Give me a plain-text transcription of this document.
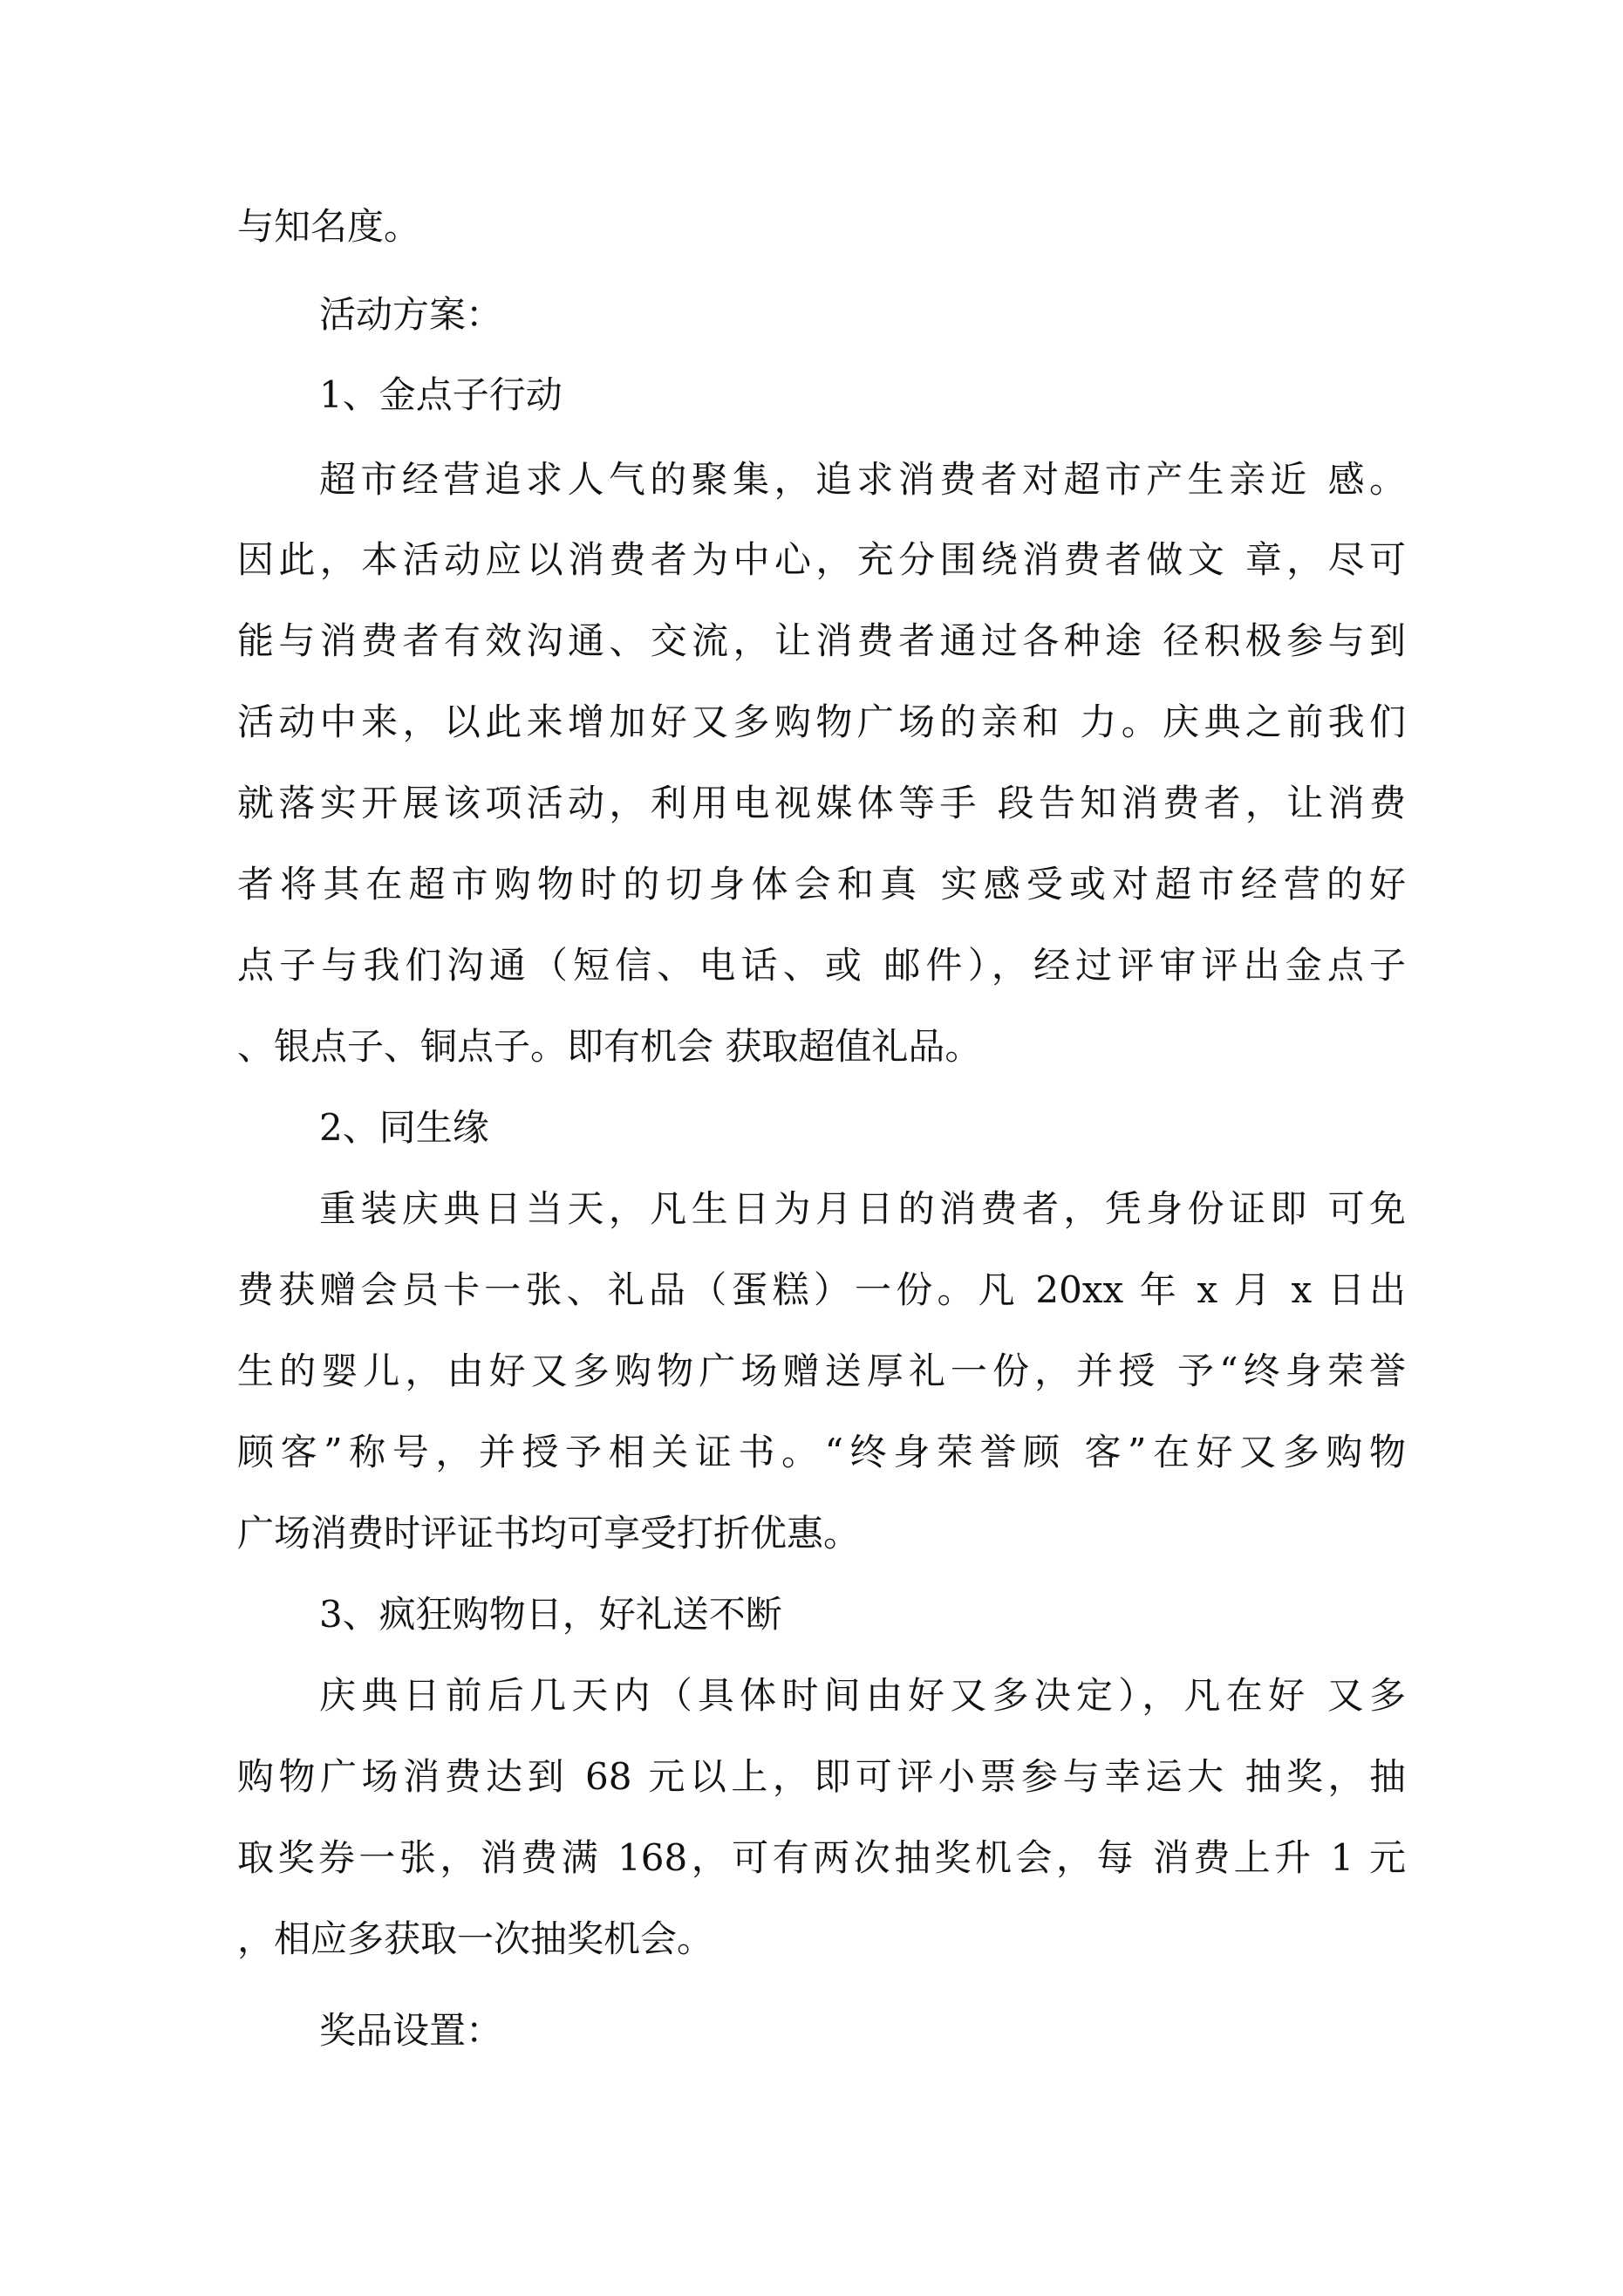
与知名度。
活动方案：
1、金点子行动
超市经营追求人气的聚集，追求消费者对超市产生亲近 感。
因此，本活动应以消费者为中心，充分围绕消费者做文 章，尽可
能与消费者有效沟通、交流，让消费者通过各种途 径积极参与到
活动中来，以此来增加好又多购物广场的亲和 力。庆典之前我们
就落实开展该项活动，利用电视媒体等手 段告知消费者，让消费
者将其在超市购物时的切身体会和真 实感受或对超市经营的好
点子与我们沟通（短信、电话、或 邮件），经过评审评出金点子
、银点子、铜点子。即有机会 获取超值礼品。
2、同生缘
重装庆典日当天，凡生日为月日的消费者，凭身份证即 可免
费获赠会员卡一张、礼品（蛋糕）一份。凡 20xx 年 x 月 x 日出
生的婴儿，由好又多购物广场赠送厚礼一份，并授 予“终身荣誉
顾客”称号，并授予相关证书。“终身荣誉顾 客”在好又多购物
广场消费时评证书均可享受打折优惠。
3、疯狂购物日，好礼送不断
庆典日前后几天内（具体时间由好又多决定），凡在好 又多
购物广场消费达到 68 元以上，即可评小票参与幸运大 抽奖，抽
取奖券一张，消费满 168，可有两次抽奖机会，每 消费上升 1 元
，相应多获取一次抽奖机会。
奖品设置：
